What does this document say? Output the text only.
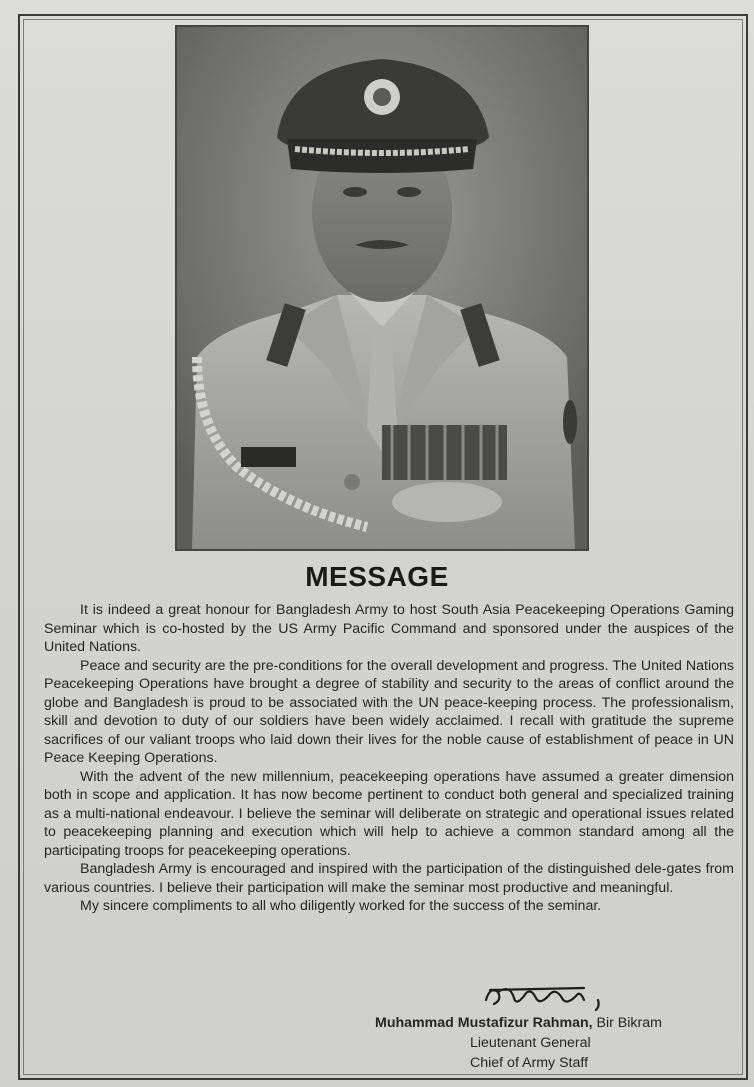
MESSAGE

It is indeed a great honour for Bangladesh Army to host South Asia Peacekeeping Operations Gaming Seminar which is co-hosted by the US Army Pacific Command and sponsored under the auspices of the United Nations.

Peace and security are the pre-conditions for the overall development and progress. The United Nations Peacekeeping Operations have brought a degree of stability and security to the areas of conflict around the globe and Bangladesh is proud to be associated with the UN peace-keeping process. The professionalism, skill and devotion to duty of our soldiers have been widely acclaimed. I recall with gratitude the supreme sacrifices of our valiant troops who laid down their lives for the noble cause of establishment of peace in UN Peace Keeping Operations.

With the advent of the new millennium, peacekeeping operations have assumed a greater dimension both in scope and application. It has now become pertinent to conduct both general and specialized training as a multi-national endeavour. I believe the seminar will deliberate on strategic and operational issues related to peacekeeping planning and execution which will help to achieve a common standard among all the participating troops for peacekeeping operations.

Bangladesh Army is encouraged and inspired with the participation of the distinguished dele-gates from various countries. I believe their participation will make the seminar most productive and meaningful.

My sincere compliments to all who diligently worked for the success of the seminar.

Muhammad Mustafizur Rahman, Bir Bikram
Lieutenant General
Chief of Army Staff
